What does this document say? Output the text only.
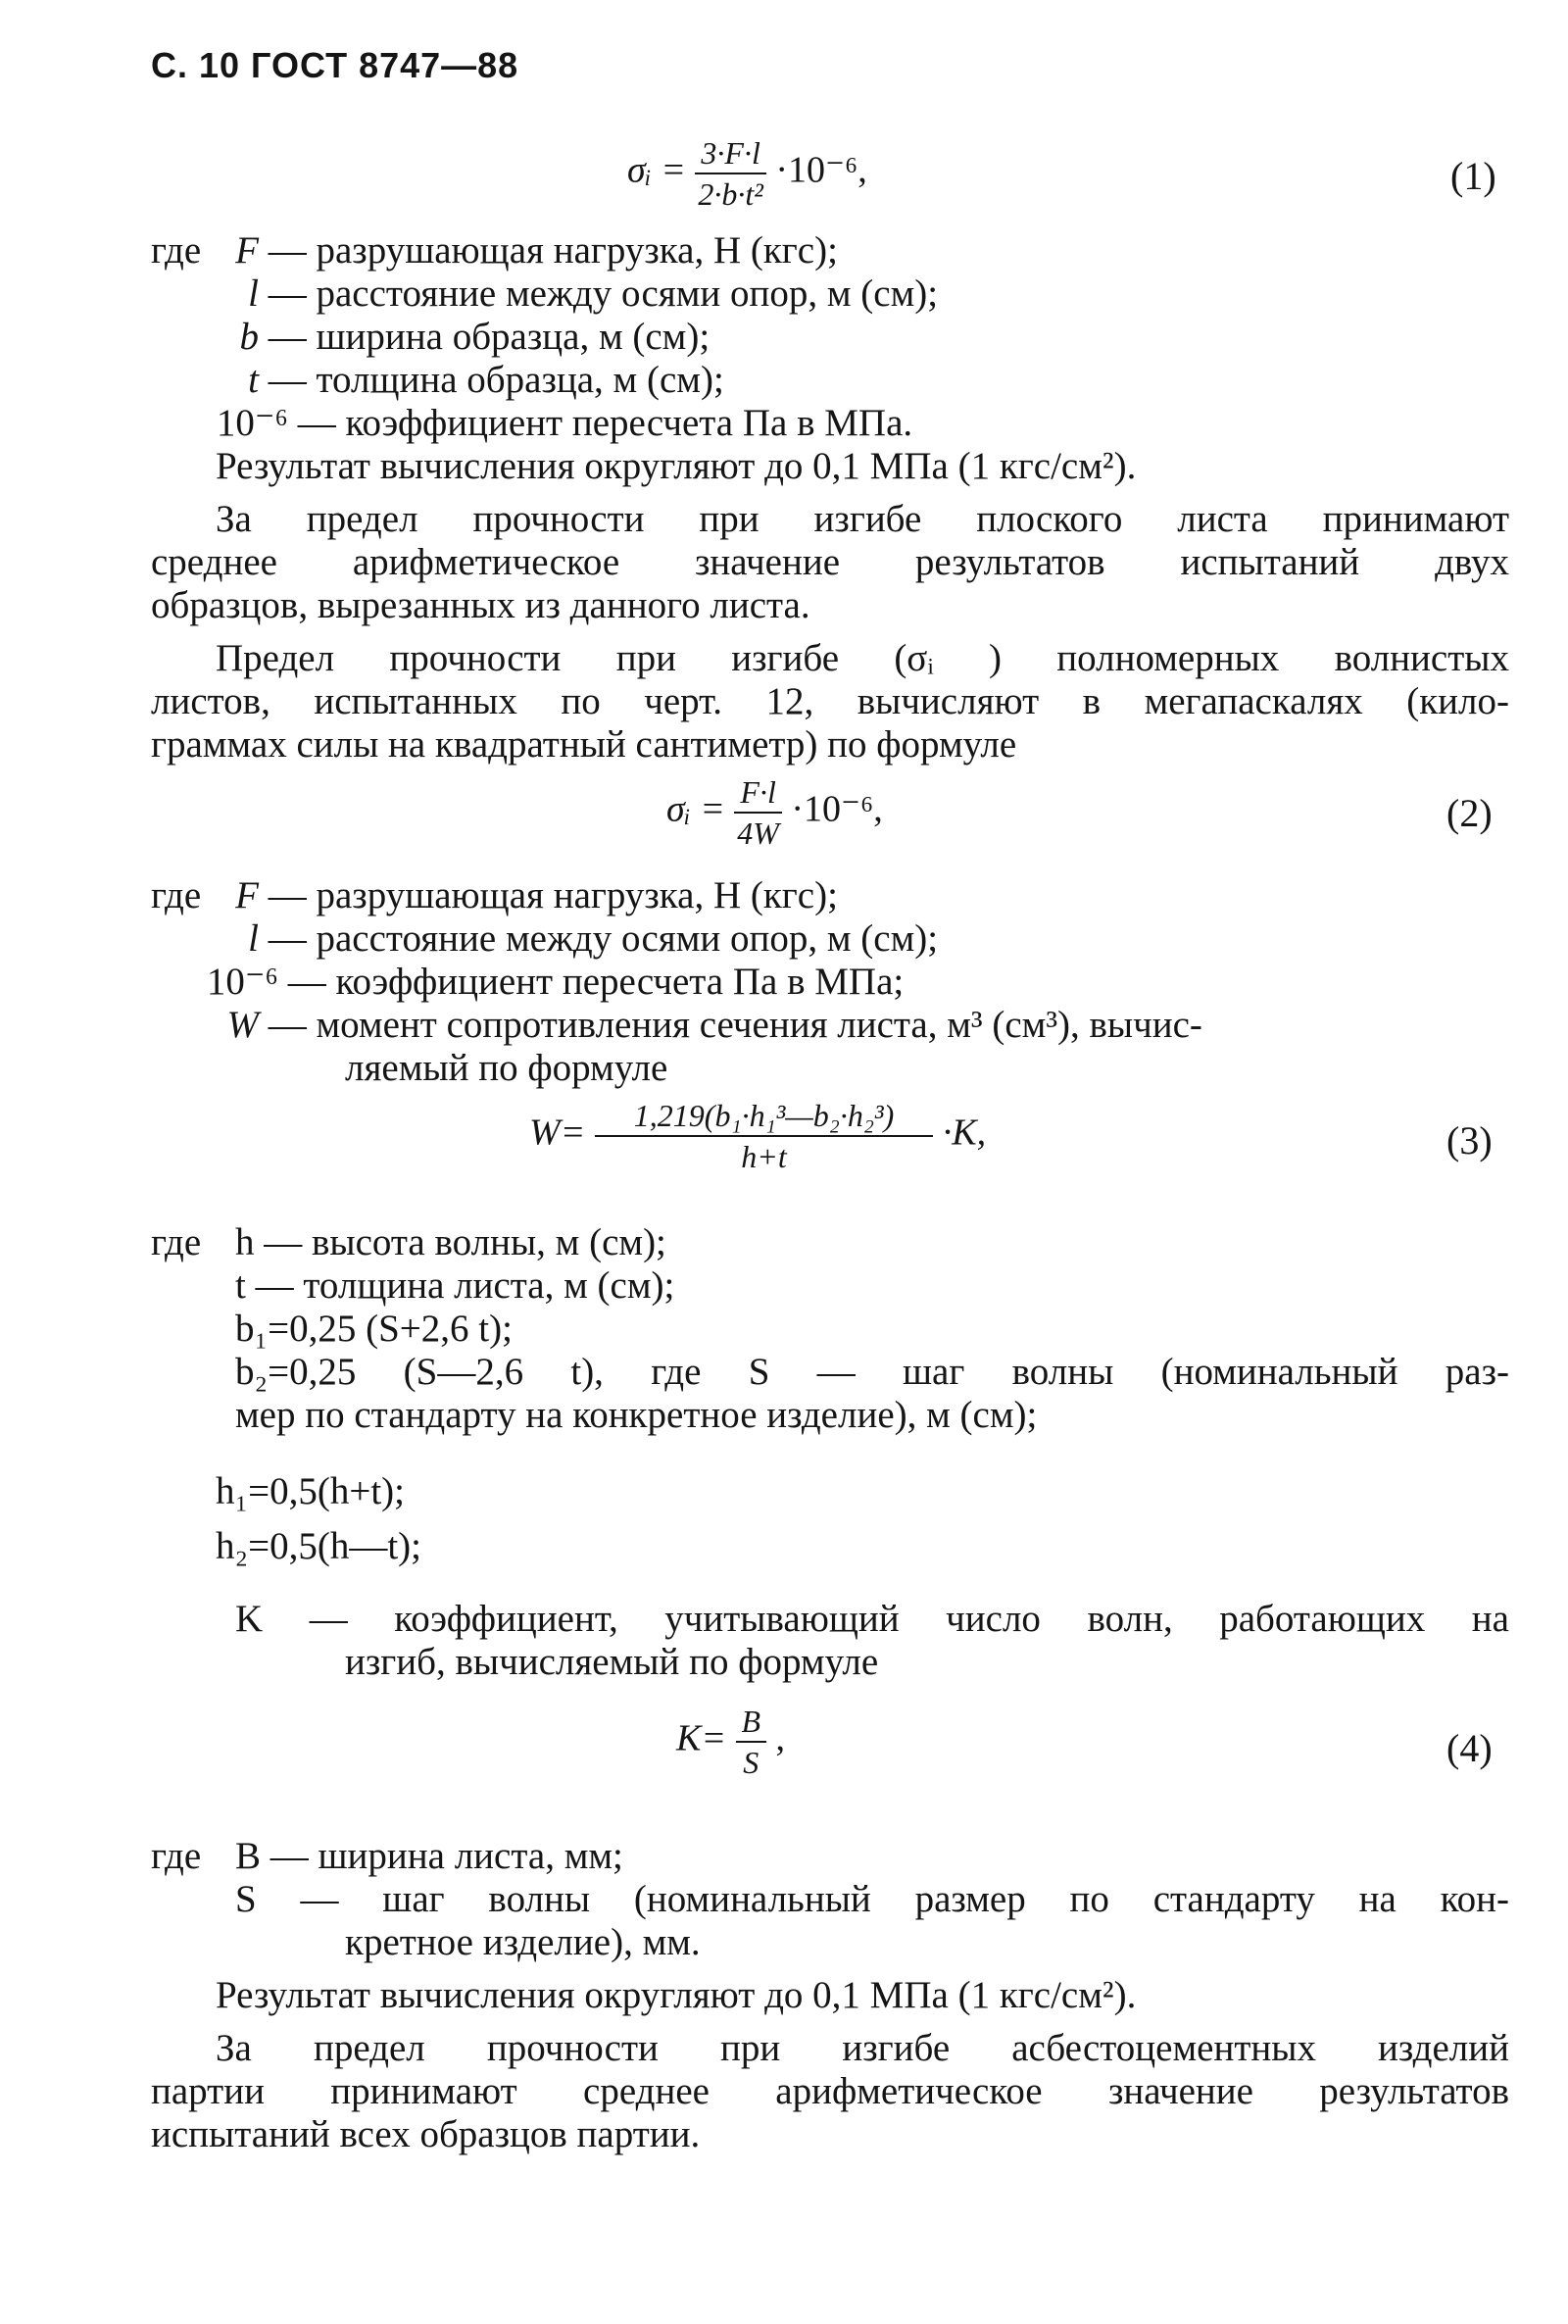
С. 10 ГОСТ 8747—88
σᵢ = $\frac{3\cdot F\cdot l}{\text{2·b·t²}} \cdot 10^{-6}$,	(1)
где F — разрушающая нагрузка, Н (кгс);
l — расстояние между осями опор, м (см);
b — ширина образца, м (см);
t — толщина образца, м (см);
10⁻⁶ — коэффициент пересчета Па в МПа.
Результат вычисления округляют до 0,1 МПа (1 кгс/см²).
За предел прочности при изгибе плоского листа принимают
среднее арифметическое значение результатов испытаний двух
образцов, вырезанных из данного листа.
Предел прочности при изгибе (σᵢ ) полномерных волнистых
листов, испытанных по черт. 12, вычисляют в мегапаскалях (кило-
граммах силы на квадратный сантиметр) по формуле
σᵢ = $\frac{F\cdot l}{4W} \cdot 10^{-6}$,	(2)
где F — разрушающая нагрузка, Н (кгс);
l — расстояние между осями опор, м (см);
10⁻⁶ — коэффициент пересчета Па в МПа;
W — момент сопротивления сечения листа, м³ (см³), вычис-
ляемый по формуле
$W= \frac{\text{1,219(b₁·h₁³—b₂·h₂³)}}{h+t} \cdot K$,	(3)
где h — высота волны, м (см);
t — толщина листа, м (см);
b₁=0,25 (S+2,6 t);
b₂=0,25 (S—2,6 t), где S — шаг волны (номинальный раз-
мер по стандарту на конкретное изделие), м (см);
h₁=0,5(h+t);
h₂=0,5(h—t);
K — коэффициент, учитывающий число волн, работающих на
изгиб, вычисляемый по формуле
$K= \frac{B}{S}$ ,	(4)
где B — ширина листа, мм;
S — шаг волны (номинальный размер по стандарту на кон-
кретное изделие), мм.
Результат вычисления округляют до 0,1 МПа (1 кгс/см²).
За предел прочности при изгибе асбестоцементных изделий
партии принимают среднее арифметическое значение результатов
испытаний всех образцов партии.
